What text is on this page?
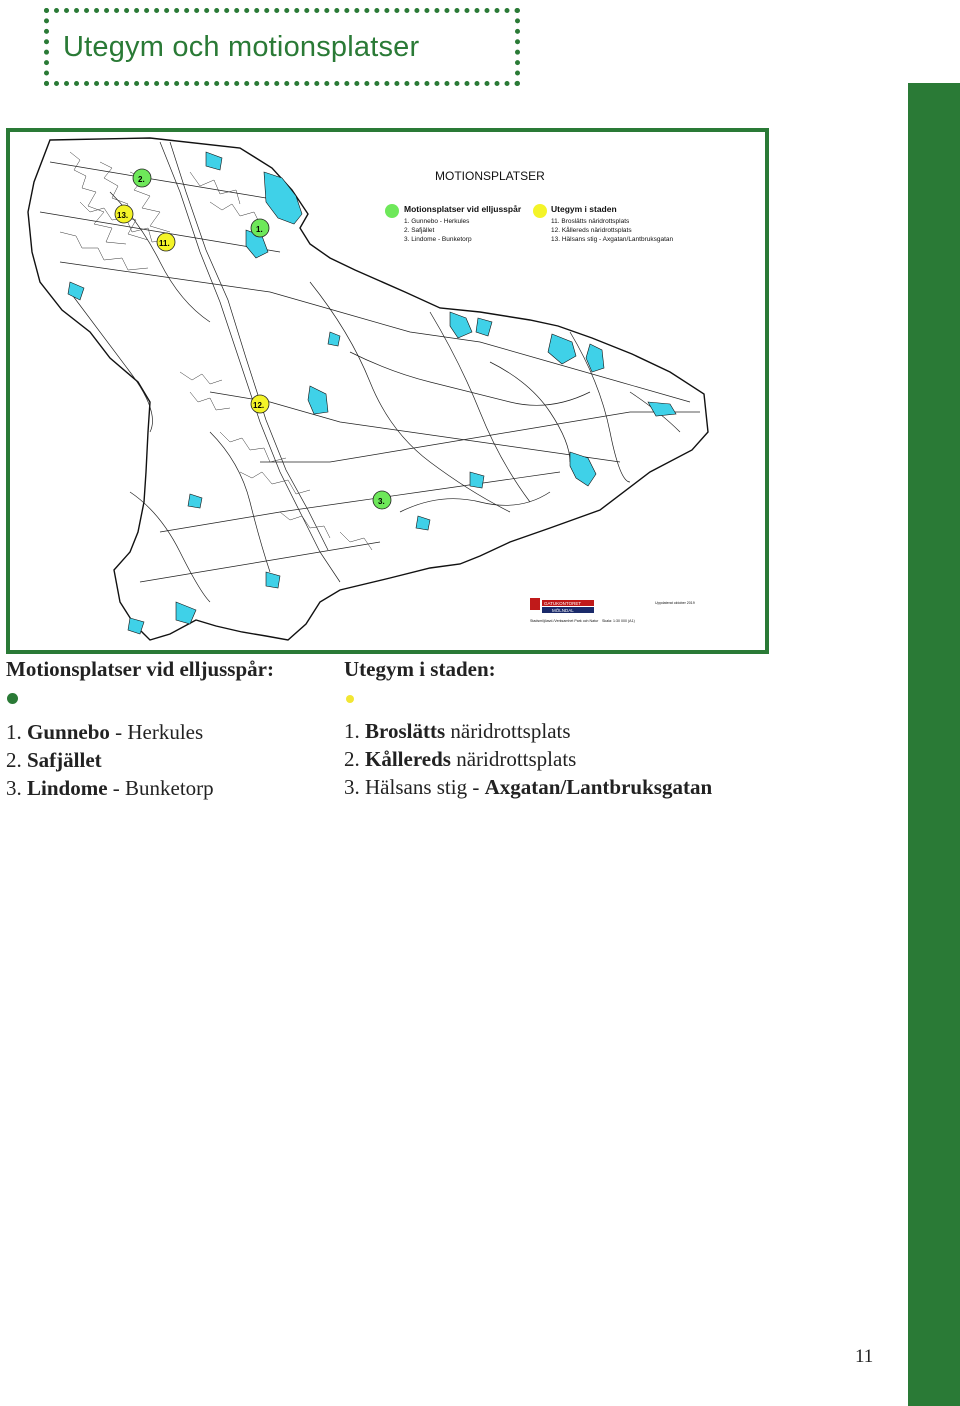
Utegym och motionsplatser
2.
13.
11.
1.
12.
3.
MOTIONSPLATSER
Motionsplatser vid elljusspår
1. Gunnebo - Herkules
2. Safjället
3. Lindome - Bunketorp
Utegym i staden
11. Broslätts näridrottsplats
12. Kållereds näridrottsplats
13. Hälsans stig - Axgatan/Lantbruksgatan
GATUKONTORET
MÖLNDAL
Stadsmiljöavd./Verksamhet Park och Natur Skala: 1:30 000 (A1)
Uppdaterat oktober 2019
Motionsplatser vid elljusspår:
1. Gunnebo - Herkules
2. Safjället
3. Lindome - Bunketorp
Utegym i staden:
1. Broslätts näridrottsplats
2. Kållereds näridrottsplats
3. Hälsans stig - Axgatan/Lantbruksgatan
11
